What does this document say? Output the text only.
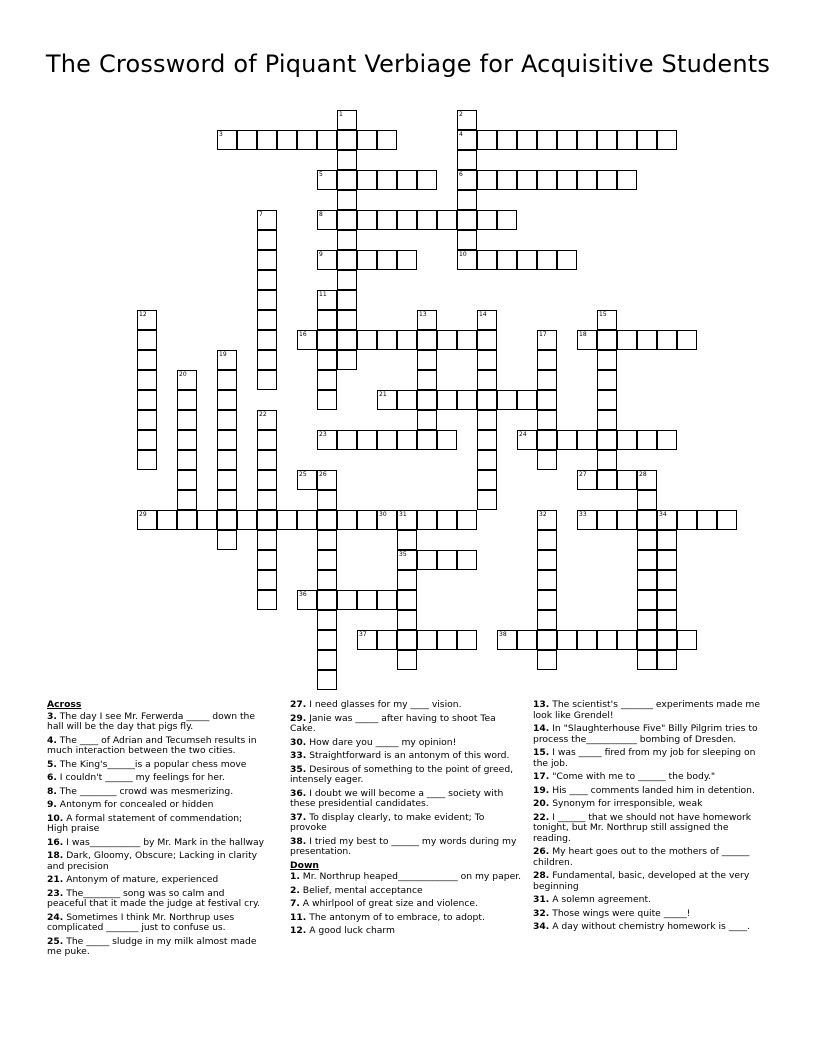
The Crossword of Piquant Verbiage for Acquisitive Students
1	2
4
6
10
3
5
7	8
9
11
12	13	14	15
16	17	18
19
20
21
22
23	24
25 26	27	28
29	30 31
35
32	33	34
36
37	38
Across
3. The day I see Mr. Ferwerda _____ down the hall will be the day that pigs fly.
4. The ____ of Adrian and Tecumseh results in much interaction between the two cities.
5. The King's______is a popular chess move
6. I couldn't ______ my feelings for her.
8. The ________ crowd was mesmerizing.
9. Antonym for concealed or hidden
10. A formal statement of commendation; High praise
16. I was___________ by Mr. Mark in the hallway
18. Dark, Gloomy, Obscure; Lacking in clarity and precision
21. Antonym of mature, experienced
23. The________ song was so calm and peaceful that it made the judge at festival cry.
24. Sometimes I think Mr. Northrup uses complicated _______ just to confuse us.
25. The _____ sludge in my milk almost made me puke.
27. I need glasses for my ____ vision.
29. Janie was _____ after having to shoot Tea Cake.
30. How dare you _____ my opinion!
33. Straightforward is an antonym of this word.
35. Desirous of something to the point of greed, intensely eager.
36. I doubt we will become a ____ society with these presidential candidates.
37. To display clearly, to make evident; To provoke
38. I tried my best to ______ my words during my presentation.
Down
1. Mr. Northrup heaped_____________ on my paper.
2. Belief, mental acceptance
7. A whirlpool of great size and violence.
11. The antonym of to embrace, to adopt.
12. A good luck charm
13. The scientist's _______ experiments made me look like Grendel!
14. In "Slaughterhouse Five" Billy Pilgrim tries to process the___________ bombing of Dresden.
15. I was _____ fired from my job for sleeping on the job.
17. "Come with me to ______ the body."
19. His ____ comments landed him in detention.
20. Synonym for irresponsible, weak
22. I ______ that we should not have homework tonight, but Mr. Northrup still assigned the reading.
26. My heart goes out to the mothers of ______ children.
28. Fundamental, basic, developed at the very beginning
31. A solemn agreement.
32. Those wings were quite _____!
34. A day without chemistry homework is ____.
